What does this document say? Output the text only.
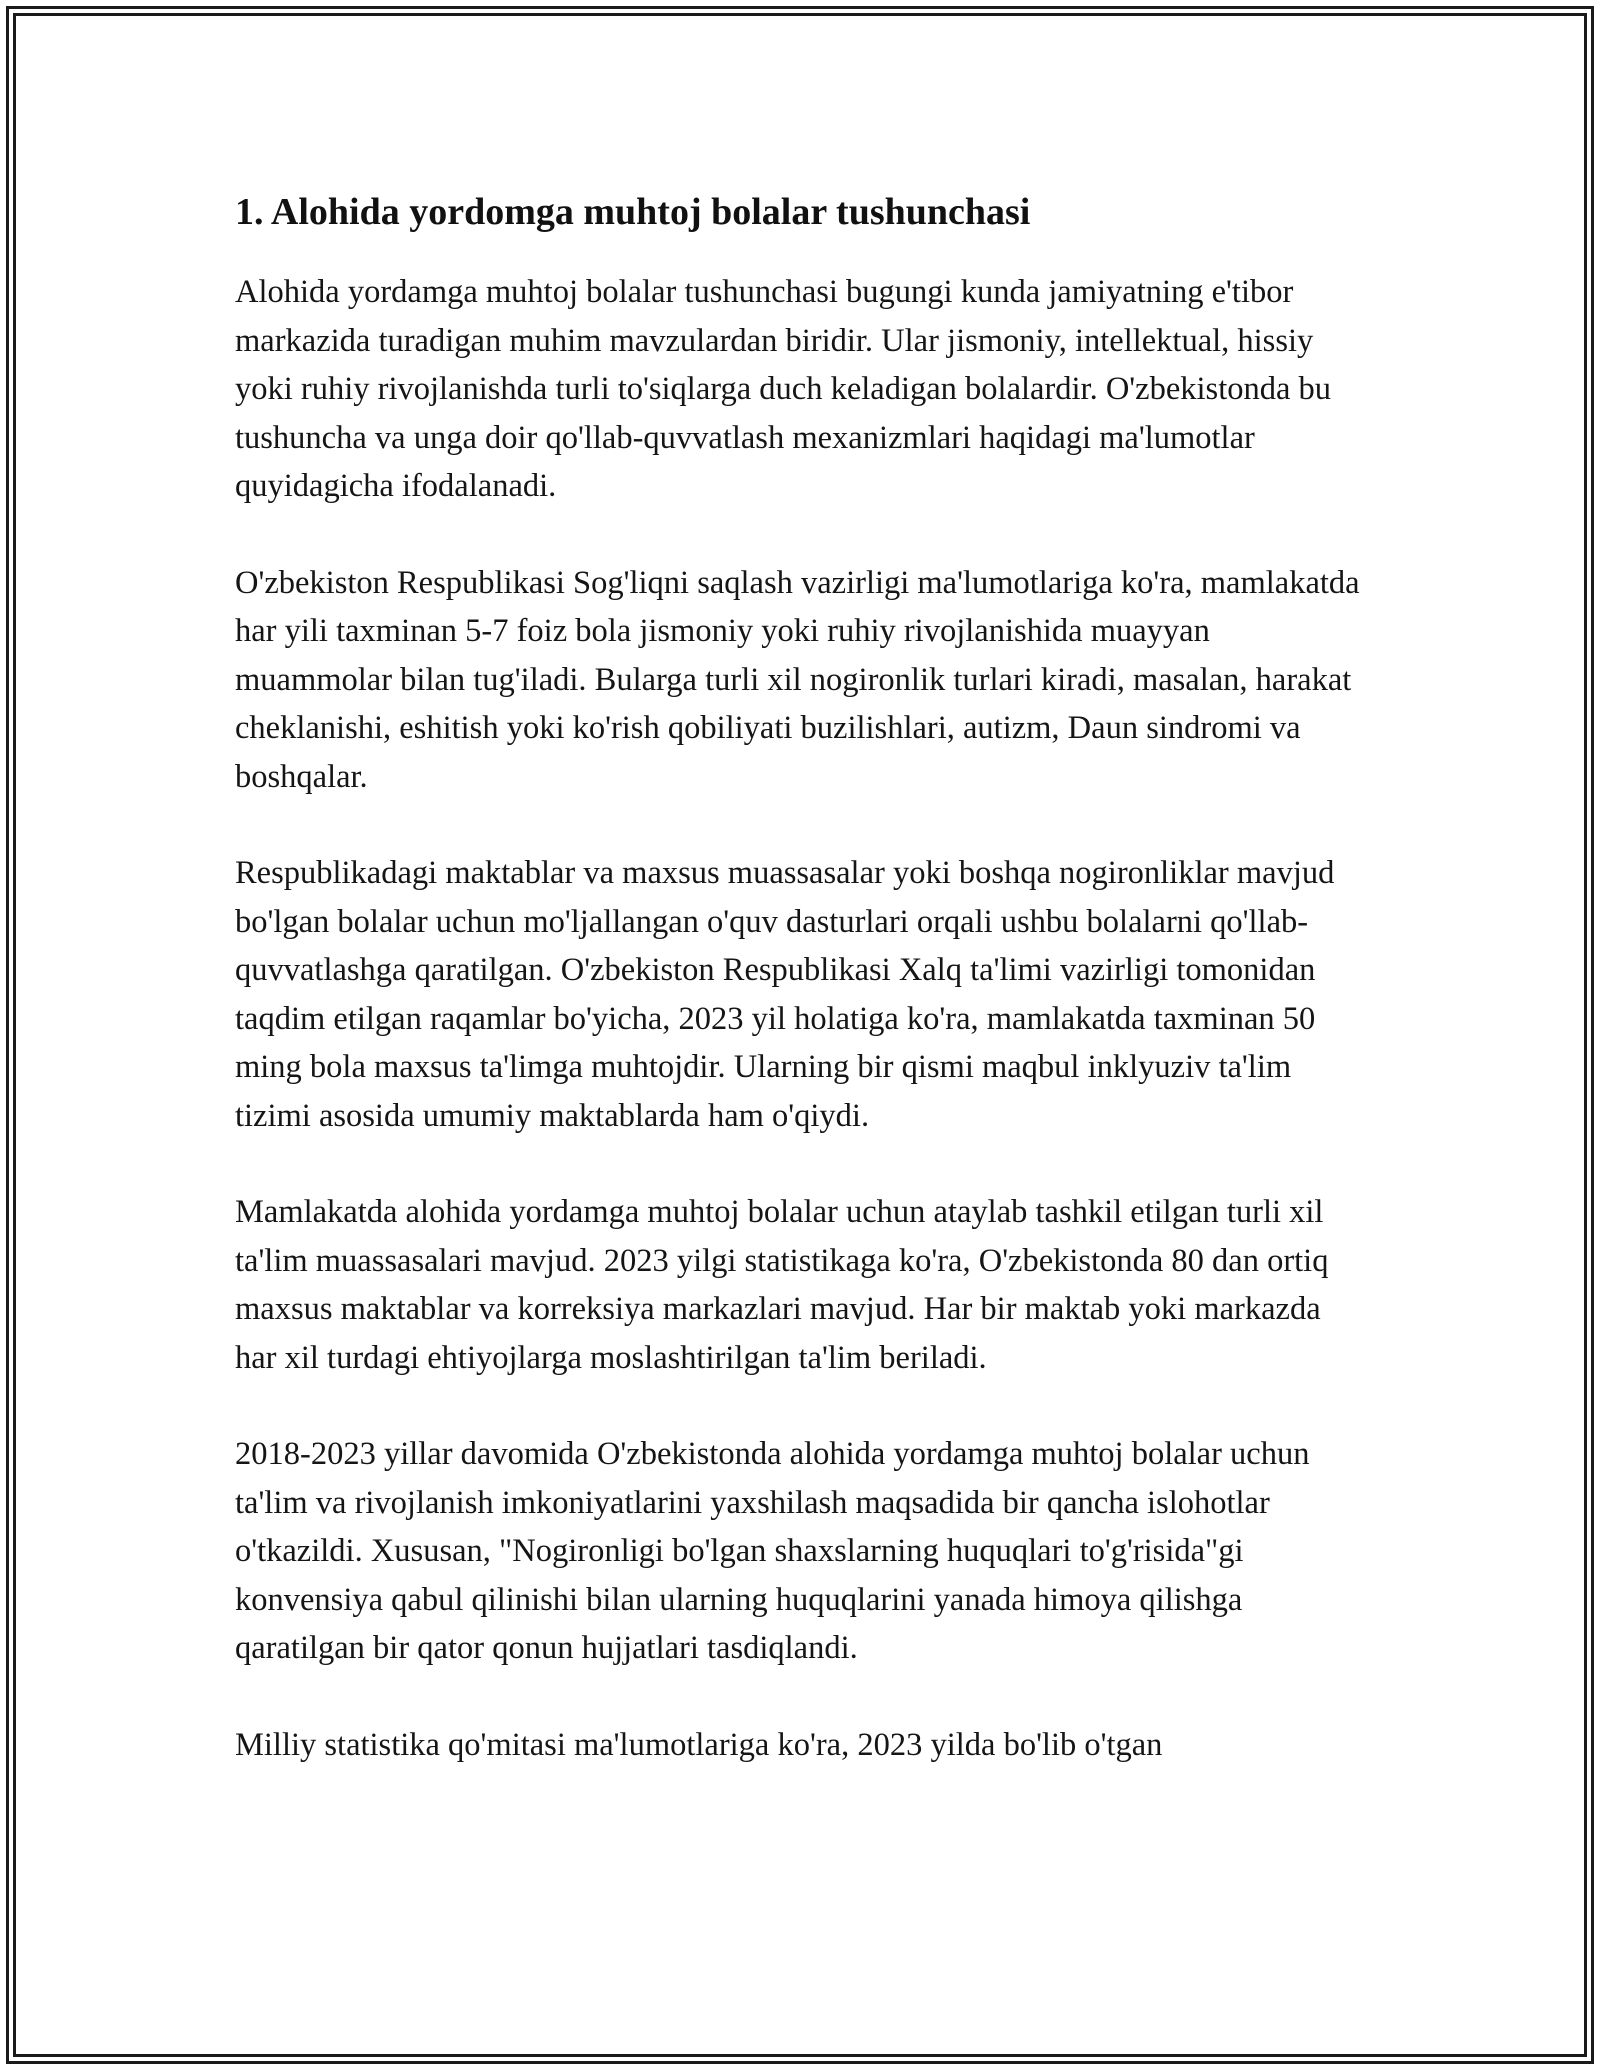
1. Alohida yordomga muhtoj bolalar tushunchasi

Alohida yordamga muhtoj bolalar tushunchasi bugungi kunda jamiyatning e'tibor markazida turadigan muhim mavzulardan biridir. Ular jismoniy, intellektual, hissiy yoki ruhiy rivojlanishda turli to'siqlarga duch keladigan bolalardir. O'zbekistonda bu tushuncha va unga doir qo'llab-quvvatlash mexanizmlari haqidagi ma'lumotlar quyidagicha ifodalanadi.

O'zbekiston Respublikasi Sog'liqni saqlash vazirligi ma'lumotlariga ko'ra, mamlakatda har yili taxminan 5-7 foiz bola jismoniy yoki ruhiy rivojlanishida muayyan muammolar bilan tug'iladi. Bularga turli xil nogironlik turlari kiradi, masalan, harakat cheklanishi, eshitish yoki ko'rish qobiliyati buzilishlari, autizm, Daun sindromi va boshqalar.

Respublikadagi maktablar va maxsus muassasalar yoki boshqa nogironliklar mavjud bo'lgan bolalar uchun mo'ljallangan o'quv dasturlari orqali ushbu bolalarni qo'llab-quvvatlashga qaratilgan. O'zbekiston Respublikasi Xalq ta'limi vazirligi tomonidan taqdim etilgan raqamlar bo'yicha, 2023 yil holatiga ko'ra, mamlakatda taxminan 50 ming bola maxsus ta'limga muhtojdir. Ularning bir qismi maqbul inklyuziv ta'lim tizimi asosida umumiy maktablarda ham o'qiydi.

Mamlakatda alohida yordamga muhtoj bolalar uchun ataylab tashkil etilgan turli xil ta'lim muassasalari mavjud. 2023 yilgi statistikaga ko'ra, O'zbekistonda 80 dan ortiq maxsus maktablar va korreksiya markazlari mavjud. Har bir maktab yoki markazda har xil turdagi ehtiyojlarga moslashtirilgan ta'lim beriladi.

2018-2023 yillar davomida O'zbekistonda alohida yordamga muhtoj bolalar uchun ta'lim va rivojlanish imkoniyatlarini yaxshilash maqsadida bir qancha islohotlar o'tkazildi. Xususan, "Nogironligi bo'lgan shaxslarning huquqlari to'g'risida"gi konvensiya qabul qilinishi bilan ularning huquqlarini yanada himoya qilishga qaratilgan bir qator qonun hujjatlari tasdiqlandi.

Milliy statistika qo'mitasi ma'lumotlariga ko'ra, 2023 yilda bo'lib o'tgan
